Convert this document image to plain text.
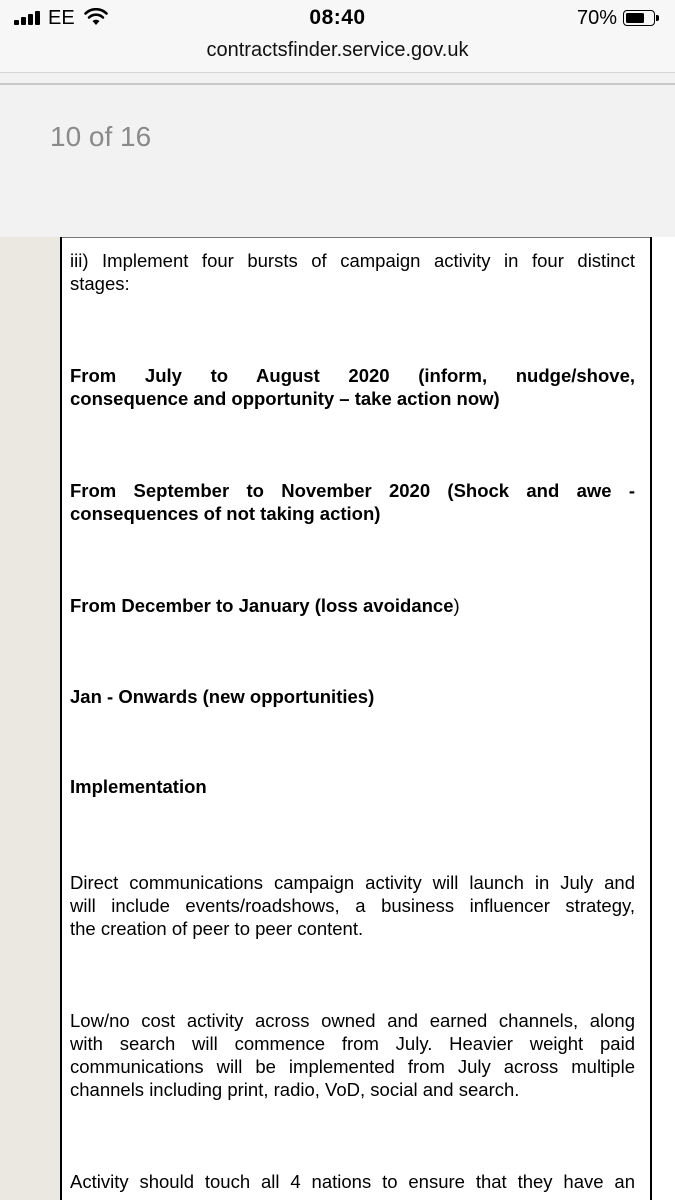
EE	08:40	70%
contractsfinder.service.gov.uk
10 of 16
iii) Implement four bursts of campaign activity in four distinct
stages:
From July to August 2020 (inform, nudge/shove,
consequence and opportunity – take action now)
From September to November 2020 (Shock and awe -
consequences of not taking action)
From December to January (loss avoidance)
Jan - Onwards (new opportunities)
Implementation
Direct communications campaign activity will launch in July and
will include events/roadshows, a business influencer strategy,
the creation of peer to peer content.
Low/no cost activity across owned and earned channels, along
with search will commence from July. Heavier weight paid
communications will be implemented from July across multiple
channels including print, radio, VoD, social and search.
Activity should touch all 4 nations to ensure that they have an
